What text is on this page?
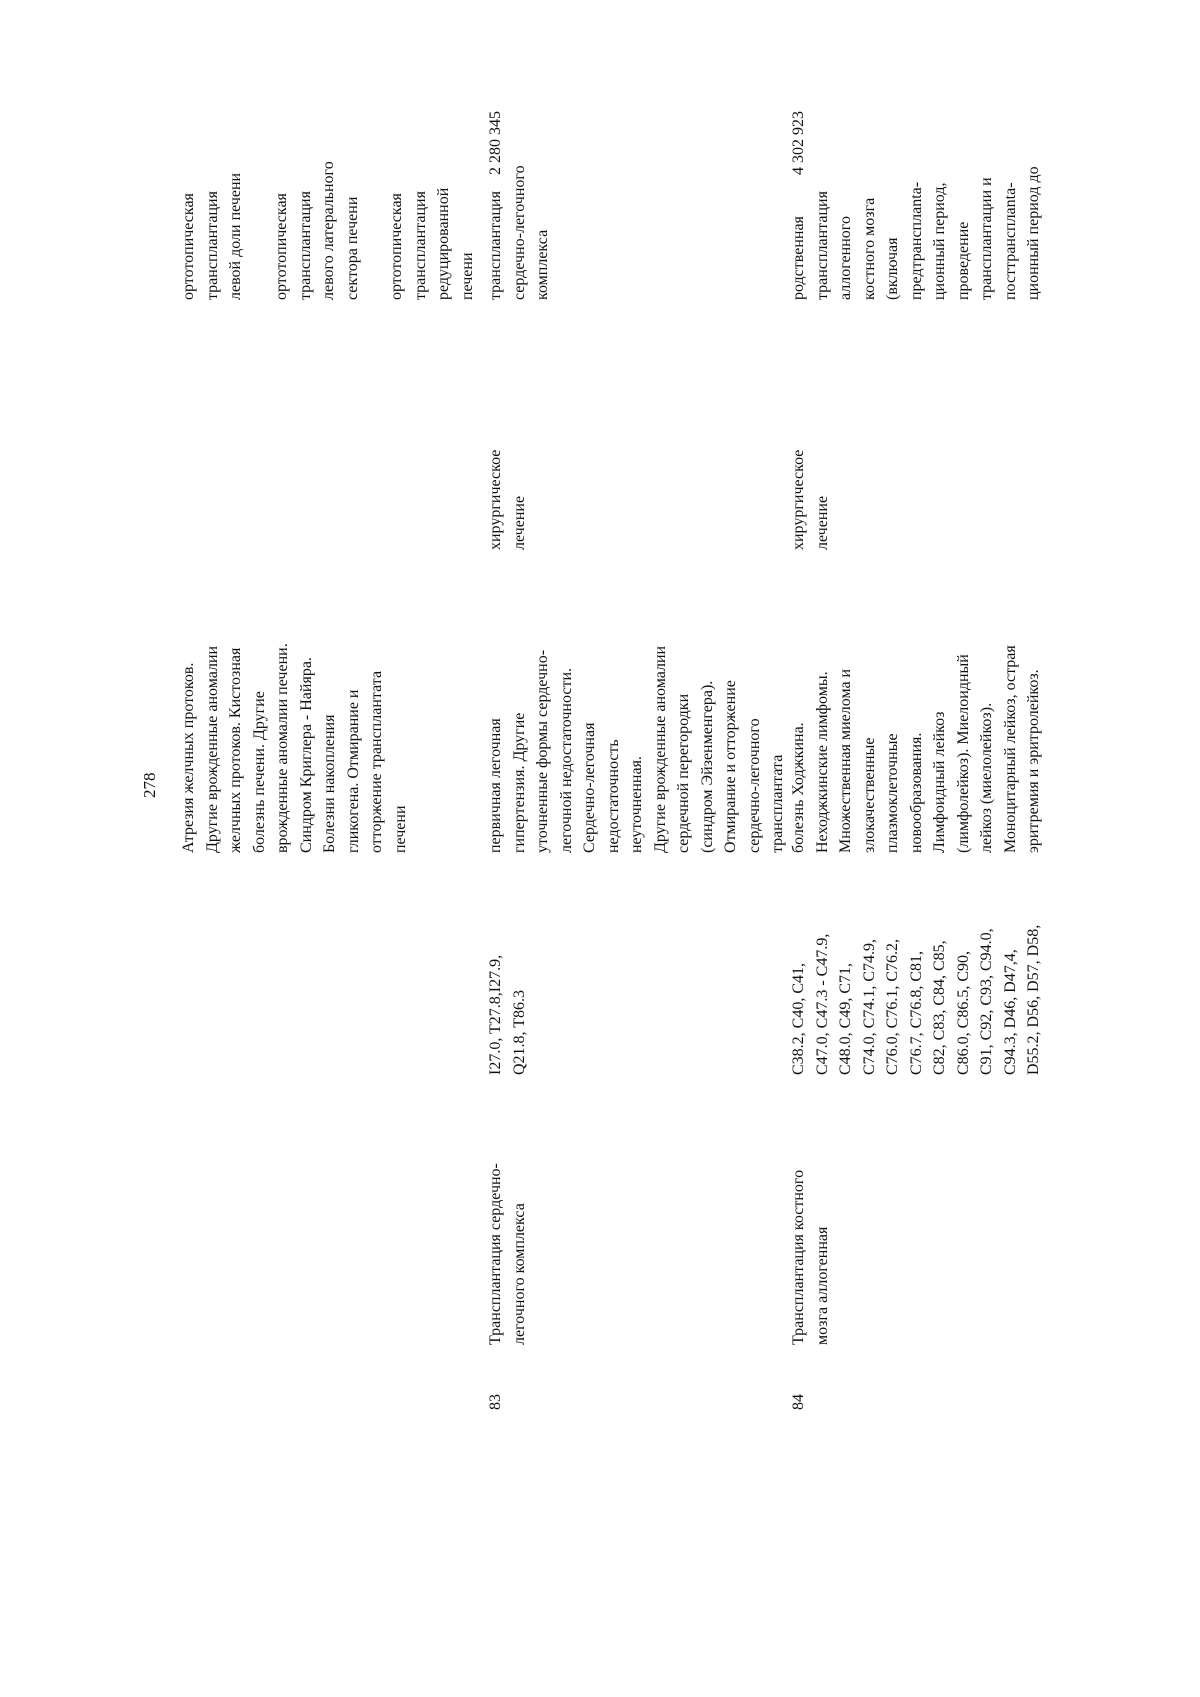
278
Атрезия желчных протоков.
Другие врожденные аномалии
желчных протоков. Кистозная
болезнь печени. Другие
врожденные аномалии печени.
Синдром Криглера - Найяра.
Болезни накопления
гликогена. Отмирание и
отторжение трансплантата
печени
ортотопическая
трансплантация
левой доли печени ортотопическая
трансплантация
левого латерального
сектора печени ортотопическая
трансплантация
редуцированной
печени
83
Трансплантация сердечно-
легочного комплекса
I27.0, T27.8,I27.9,
Q21.8, T86.3
первичная легочная
гипертензия. Другие
уточненные формы сердечно-
легочной недостаточности.
Сердечно-легочная
недостаточность
неуточненная.
Другие врожденные аномалии
сердечной перегородки
(синдром Эйзенменгера).
Отмирание и отторжение
сердечно-легочного
трансплантата
хирургическое
лечение
трансплантация
сердечно-легочного
комплекса
2 280 345
84
Трансплантация костного
мозга аллогенная
C38.2, C40, C41,
C47.0, C47.3 - C47.9,
C48.0, C49, C71,
C74.0, C74.1, C74.9,
C76.0, C76.1, C76.2,
C76.7, C76.8, C81,
C82, C83, C84, C85,
C86.0, C86.5, C90,
C91, C92, C93, C94.0,
C94.3, D46, D47,4,
D55.2, D56, D57, D58,
болезнь Ходжкина.
Неходжкинские лимфомы.
Множественная миелома и
злокачественные
плазмоклеточные
новообразования.
Лимфоидный лейкоз
(лимфолейкоз). Миелоидный
лейкоз (миелолейкоз).
Моноцитарный лейкоз, острая
эритремия и эритролейкоз.
хирургическое
лечение
родственная
трансплантация
аллогенного
костного мозга
(включая
предтрансплanta-
ционный период,
проведение
трансплантации и
посттрансплanta-
ционный период до
4 302 923
